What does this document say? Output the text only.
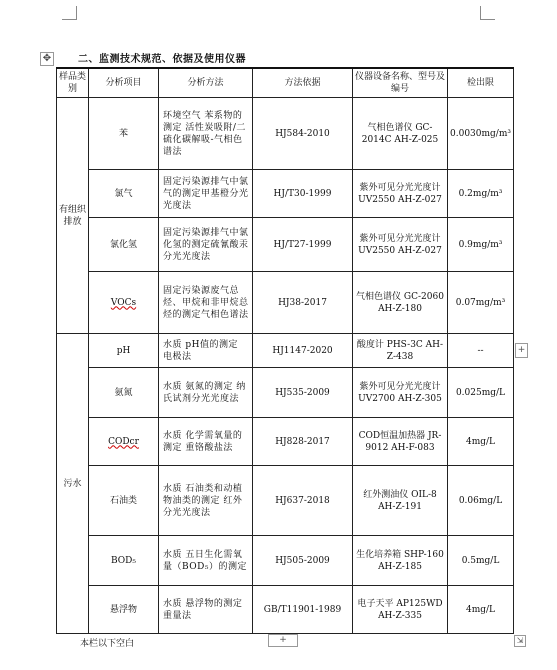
✥	二、监测技术规范、依据及使用仪器
样品类别	分析项目	分析方法	方法依据	仪器设备名称、型号及编号	检出限
有组织排放	苯	环境空气 苯系物的测定 活性炭吸附/二硫化碳解吸-气相色谱法	HJ584-2010	气相色谱仪 GC-2014C AH-Z-025	0.0030mg/m³
	氯气	固定污染源排气中氯气的测定甲基橙分光光度法	HJ/T30-1999	紫外可见分光光度计 UV2550 AH-Z-027	0.2mg/m³
	氯化氢	固定污染源排气中氯化氢的测定硫氰酸汞分光光度法	HJ/T27-1999	紫外可见分光光度计 UV2550 AH-Z-027	0.9mg/m³
	VOCs	固定污染源废气总烃、甲烷和非甲烷总烃的测定气相色谱法	HJ38-2017	气相色谱仪 GC-2060 AH-Z-180	0.07mg/m³
污水	pH	水质 pH值的测定 电极法	HJ1147-2020	酸度计 PHS-3C AH-Z-438	--
	氨氮	水质 氨氮的测定 纳氏试剂分光光度法	HJ535-2009	紫外可见分光光度计 UV2700 AH-Z-305	0.025mg/L
	CODcr	水质 化学需氧量的测定 重铬酸盐法	HJ828-2017	COD恒温加热器 JR-9012 AH-F-083	4mg/L
	石油类	水质 石油类和动植物油类的测定 红外分光光度法	HJ637-2018	红外测油仪 OIL-8 AH-Z-191	0.06mg/L
	BOD₅	水质 五日生化需氧量（BOD₅）的测定	HJ505-2009	生化培养箱 SHP-160 AH-Z-185	0.5mg/L
	悬浮物	水质 悬浮物的测定 重量法	GB/T11901-1989	电子天平 AP125WD AH-Z-335	4mg/L
+
本栏以下空白	+	⇲
